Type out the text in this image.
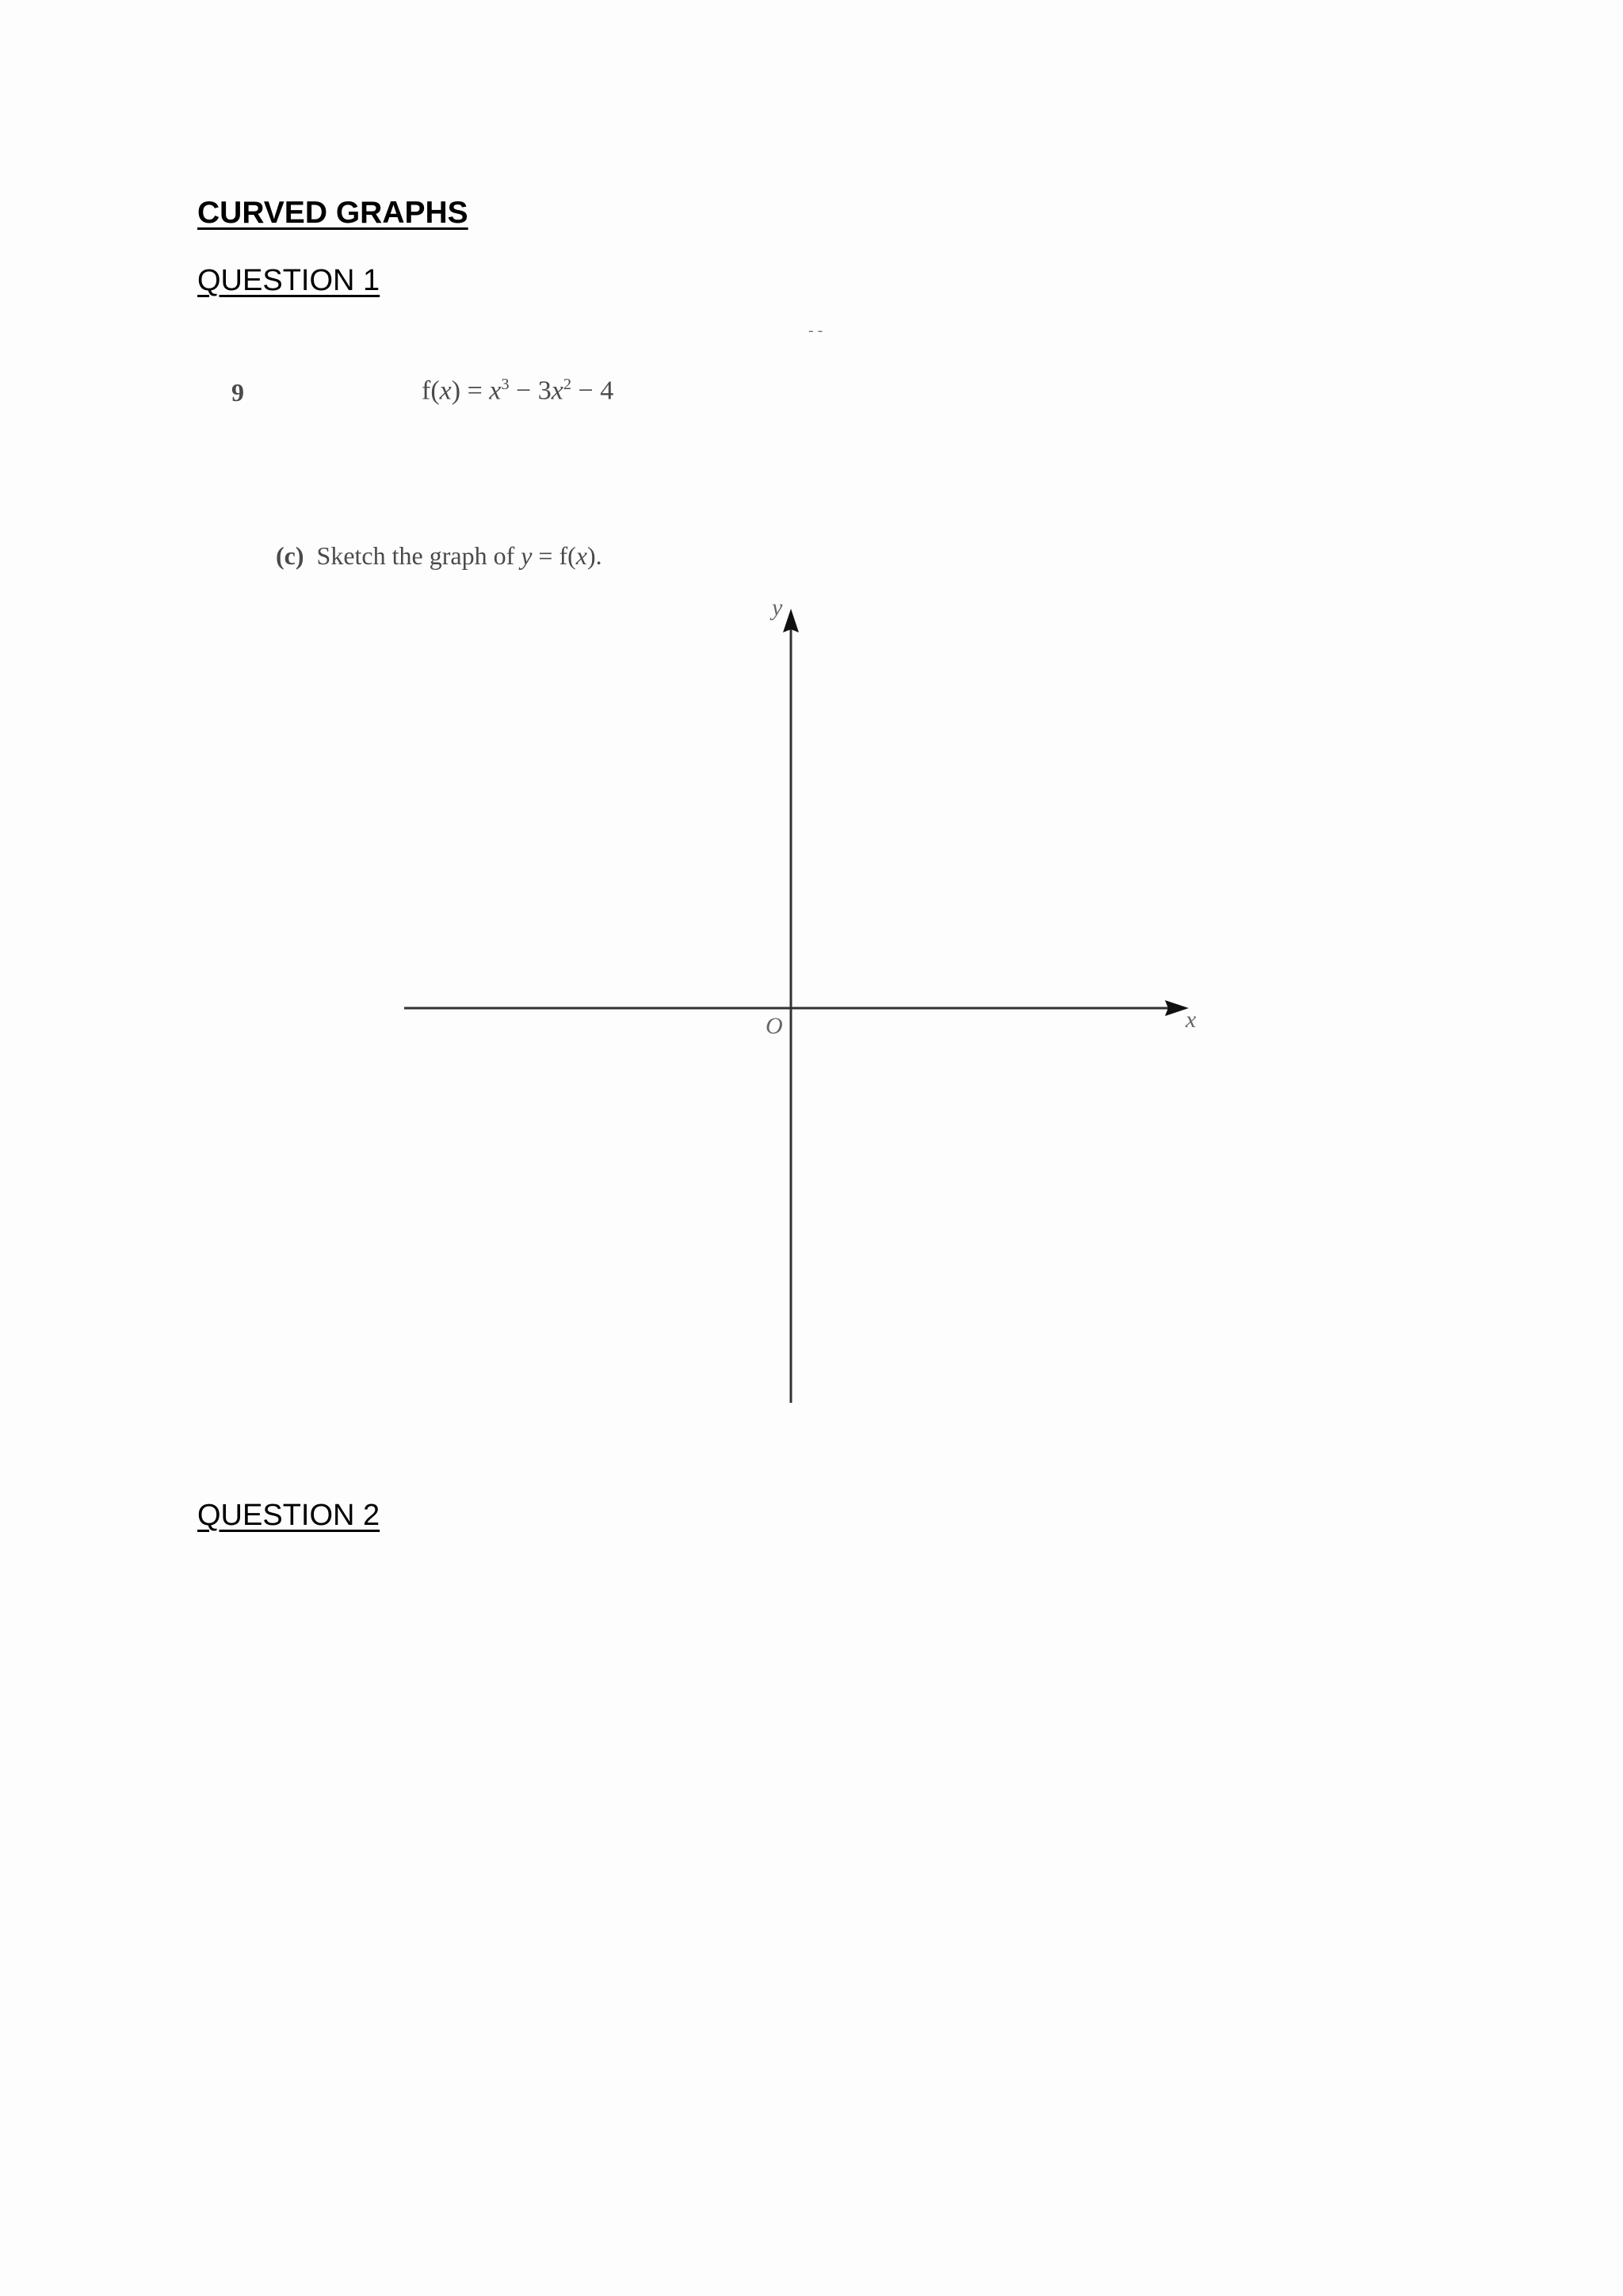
CURVED GRAPHS
QUESTION 1
- -
9	$f(x) = x^3 - 3x^2 - 4$
(c) Sketch the graph of y = f(x).
y
x
O
QUESTION 2
